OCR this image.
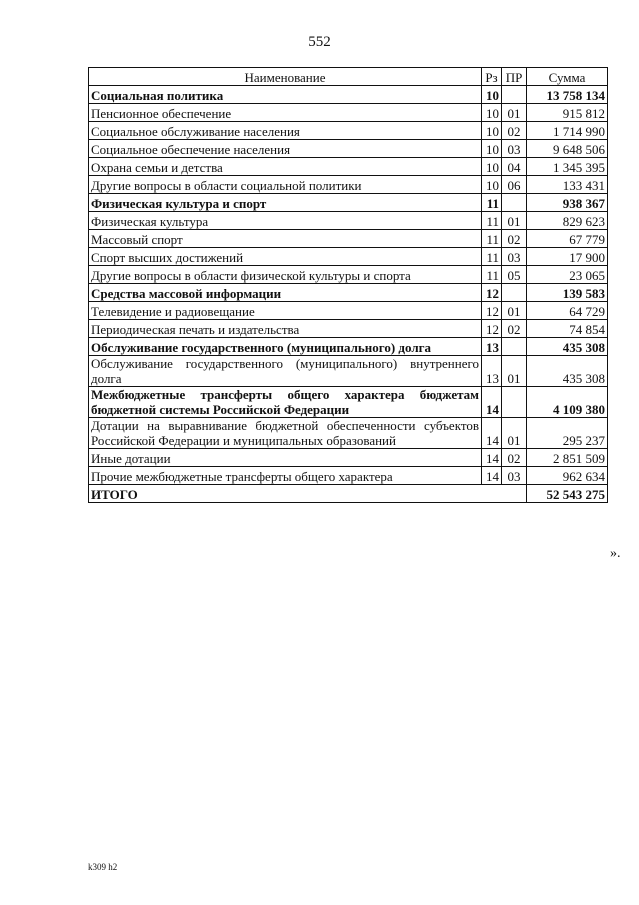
552
Наименование	Рз	ПР	Сумма
Социальная политика	10		13 758 134
Пенсионное обеспечение	10	01	915 812
Социальное обслуживание населения	10	02	1 714 990
Социальное обеспечение населения	10	03	9 648 506
Охрана семьи и детства	10	04	1 345 395
Другие вопросы в области социальной политики	10	06	133 431
Физическая культура и спорт	11		938 367
Физическая культура	11	01	829 623
Массовый спорт	11	02	67 779
Спорт высших достижений	11	03	17 900
Другие вопросы в области физической культуры и спорта	11	05	23 065
Средства массовой информации	12		139 583
Телевидение и радиовещание	12	01	64 729
Периодическая печать и издательства	12	02	74 854
Обслуживание государственного (муниципального) долга	13		435 308
Обслуживание государственного (муниципального) внутреннего долга	13	01	435 308
Межбюджетные трансферты общего характера бюджетам бюджетной системы Российской Федерации	14		4 109 380
Дотации на выравнивание бюджетной обеспеченности субъектов Российской Федерации и муниципальных образований	14	01	295 237
Иные дотации	14	02	2 851 509
Прочие межбюджетные трансферты общего характера	14	03	962 634
ИТОГО			52 543 275
».
k309 h2
